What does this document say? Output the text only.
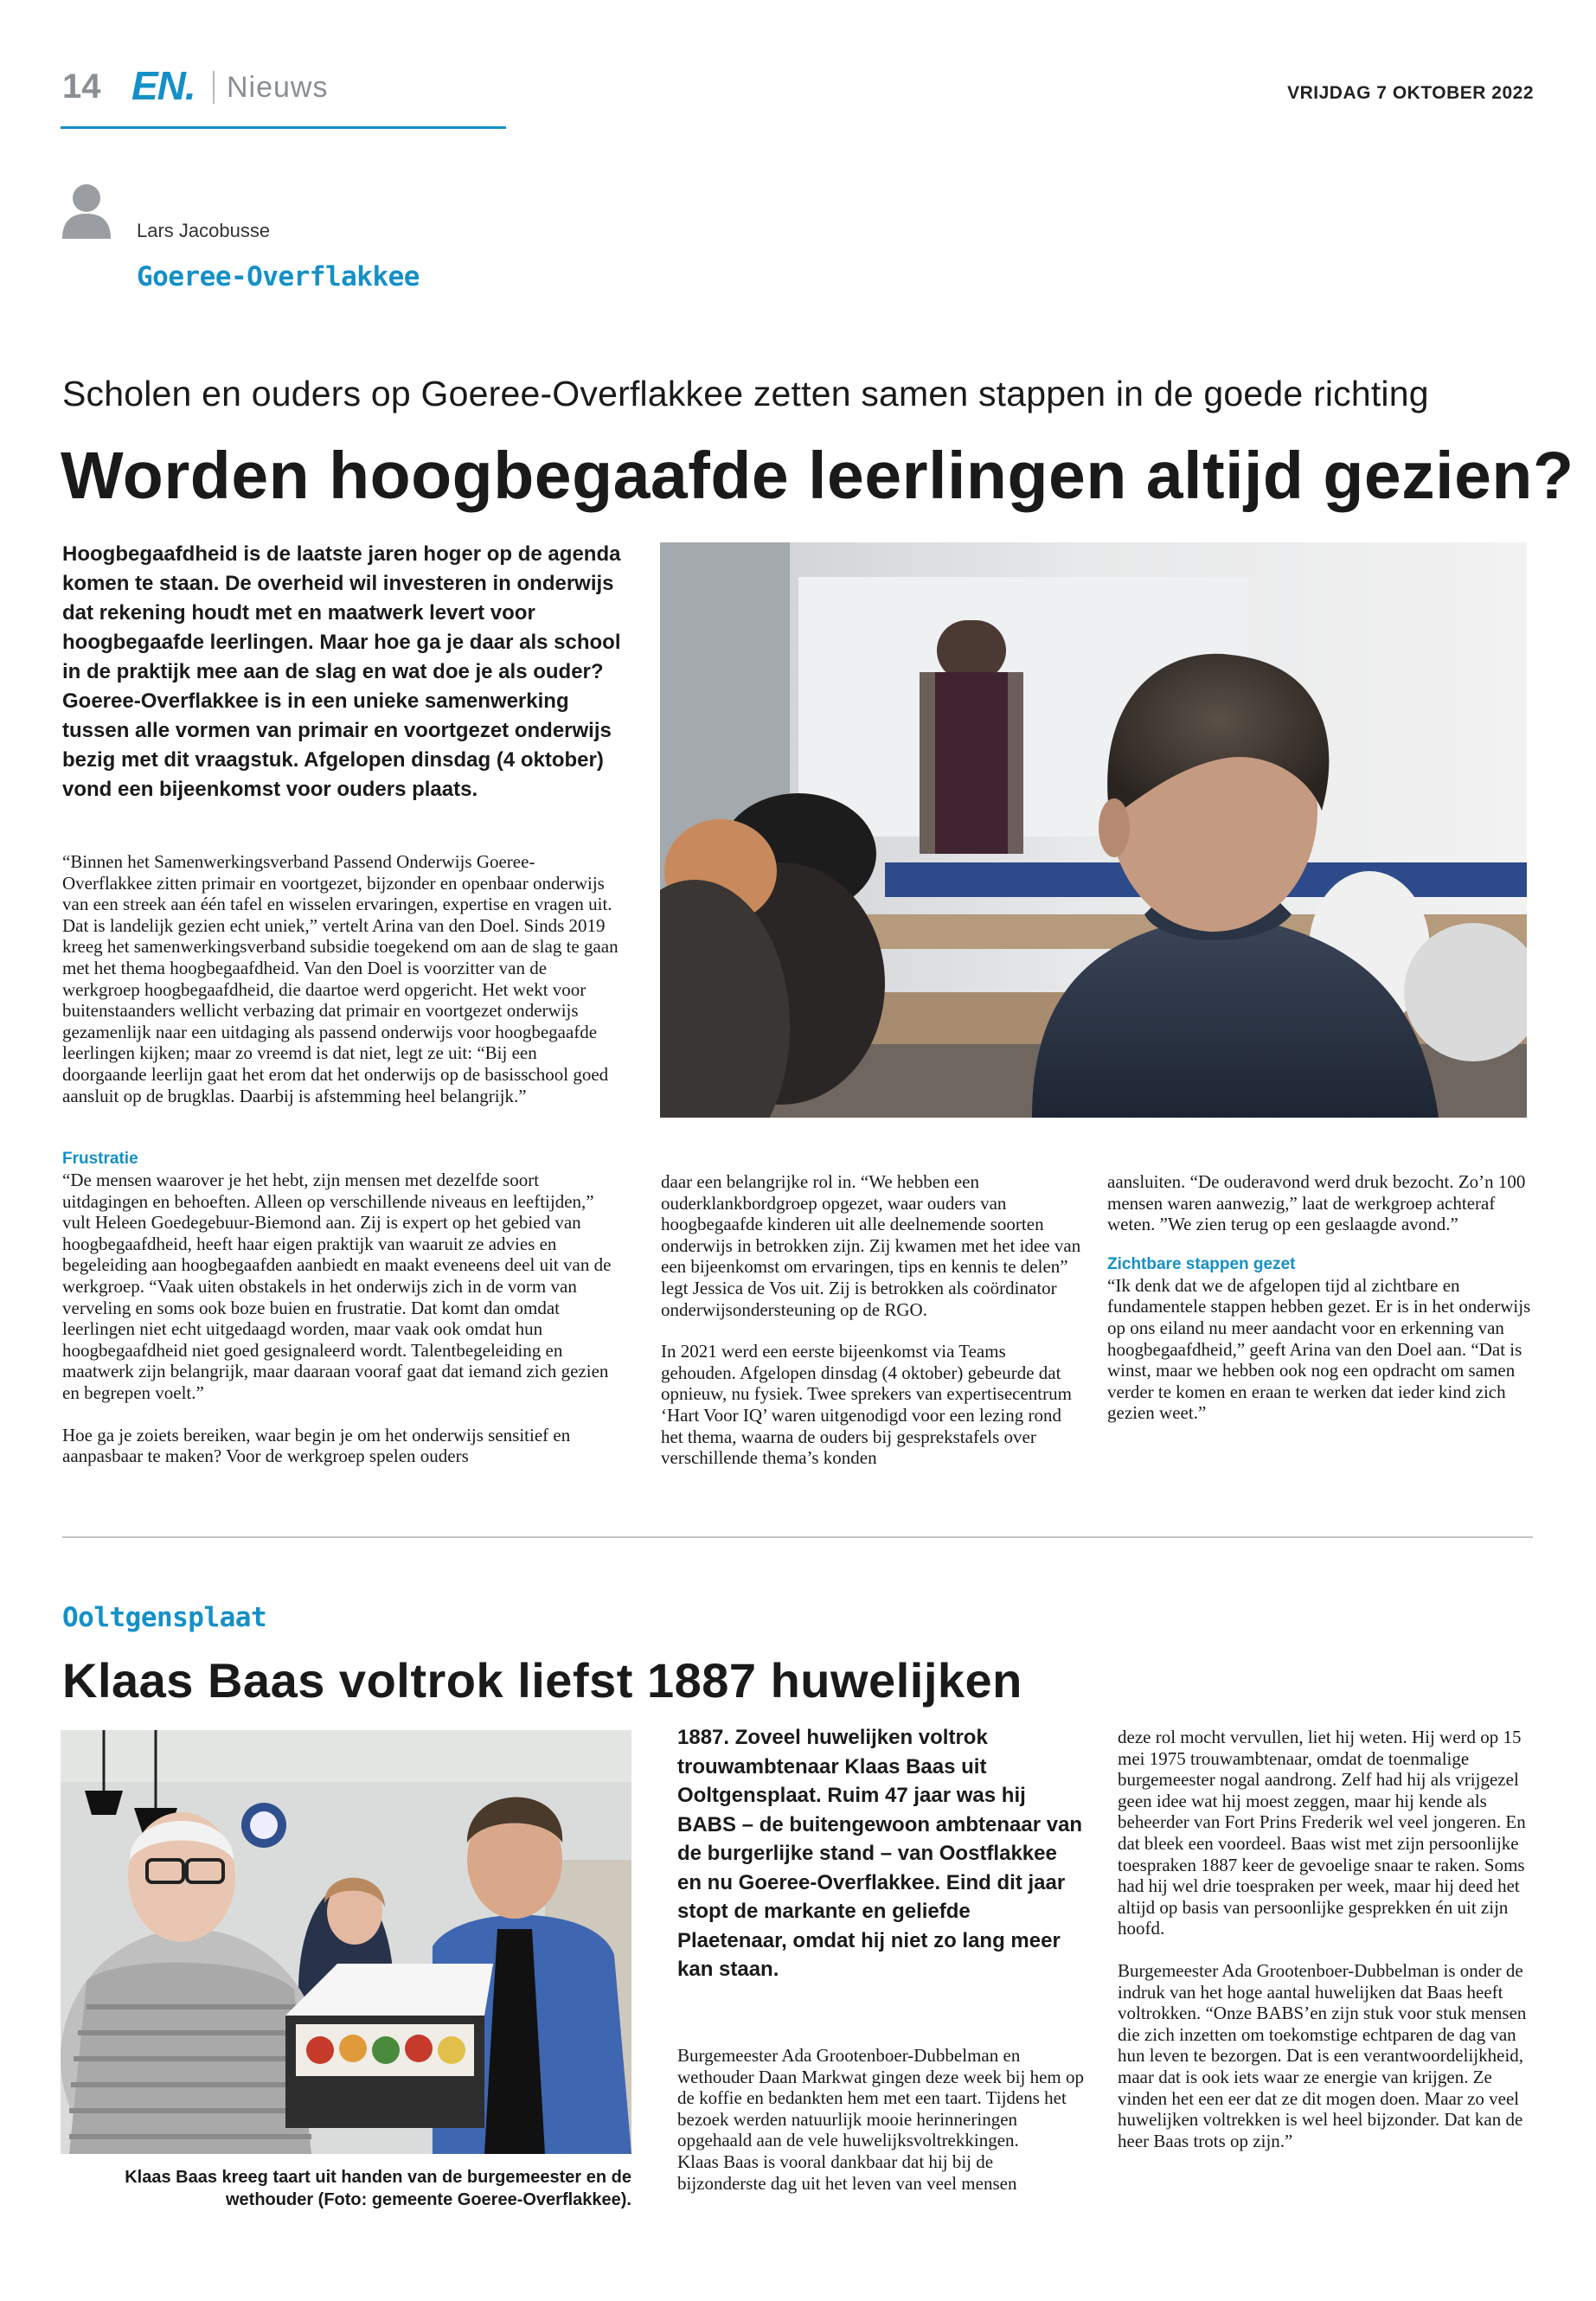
14 EN. Nieuws	VRIJDAG 7 OKTOBER 2022
Lars Jacobusse
Goeree-Overflakkee
Scholen en ouders op Goeree-Overflakkee zetten samen stappen in de goede richting
Worden hoogbegaafde leerlingen altijd gezien?
Hoogbegaafdheid is de laatste jaren hoger op de agenda komen te staan. De overheid wil investeren in onderwijs dat rekening houdt met en maatwerk levert voor hoogbegaafde leerlingen. Maar hoe ga je daar als school in de praktijk mee aan de slag en wat doe je als ouder? Goeree-Overflakkee is in een unieke samenwerking tussen alle vormen van primair en voortgezet onderwijs bezig met dit vraagstuk. Afgelopen dinsdag (4 oktober) vond een bijeenkomst voor ouders plaats.

“Binnen het Samenwerkingsverband Passend Onderwijs Goeree-Overflakkee zitten primair en voortgezet, bijzonder en openbaar onderwijs van een streek aan één tafel en wisselen ervaringen, expertise en vragen uit. Dat is landelijk gezien echt uniek,” vertelt Arina van den Doel. Sinds 2019 kreeg het samenwerkingsverband subsidie toegekend om aan de slag te gaan met het thema hoogbegaafdheid. Van den Doel is voorzitter van de werkgroep hoogbegaafdheid, die daartoe werd opgericht. Het wekt voor buitenstaanders wellicht verbazing dat primair en voortgezet onderwijs gezamenlijk naar een uitdaging als passend onderwijs voor hoogbegaafde leerlingen kijken; maar zo vreemd is dat niet, legt ze uit: “Bij een doorgaande leerlijn gaat het erom dat het onderwijs op de basisschool goed aansluit op de brugklas. Daarbij is afstemming heel belangrijk.”

Frustratie

“De mensen waarover je het hebt, zijn mensen met dezelfde soort uitdagingen en behoeften. Alleen op verschillende niveaus en leeftijden,” vult Heleen Goedegebuur-Biemond aan. Zij is expert op het gebied van hoogbegaafdheid, heeft haar eigen praktijk van waaruit ze advies en begeleiding aan hoogbegaafden aanbiedt en maakt eveneens deel uit van de werkgroep. “Vaak uiten obstakels in het onderwijs zich in de vorm van verveling en soms ook boze buien en frustratie. Dat komt dan omdat leerlingen niet echt uitgedaagd worden, maar vaak ook omdat hun hoogbegaafdheid niet goed gesignaleerd wordt. Talentbegeleiding en maatwerk zijn belangrijk, maar daaraan vooraf gaat dat iemand zich gezien en begrepen voelt.”

Hoe ga je zoiets bereiken, waar begin je om het onderwijs sensitief en aanpasbaar te maken? Voor de werkgroep spelen ouders

daar een belangrijke rol in. “We hebben een ouderklankbordgroep opgezet, waar ouders van hoogbegaafde kinderen uit alle deelnemende soorten onderwijs in betrokken zijn. Zij kwamen met het idee van een bijeenkomst om ervaringen, tips en kennis te delen” legt Jessica de Vos uit. Zij is betrokken als coördinator onderwijsondersteuning op de RGO.

In 2021 werd een eerste bijeenkomst via Teams gehouden. Afgelopen dinsdag (4 oktober) gebeurde dat opnieuw, nu fysiek. Twee sprekers van expertisecentrum ‘Hart Voor IQ’ waren uitgenodigd voor een lezing rond het thema, waarna de ouders bij gesprekstafels over verschillende thema’s konden

aansluiten. “De ouderavond werd druk bezocht. Zo’n 100 mensen waren aanwezig,” laat de werkgroep achteraf weten. ”We zien terug op een geslaagde avond.”

Zichtbare stappen gezet

“Ik denk dat we de afgelopen tijd al zichtbare en fundamentele stappen hebben gezet. Er is in het onderwijs op ons eiland nu meer aandacht voor en erkenning van hoogbegaafdheid,” geeft Arina van den Doel aan. “Dat is winst, maar we hebben ook nog een opdracht om samen verder te komen en eraan te werken dat ieder kind zich gezien weet.”

Ooltgensplaat
Klaas Baas voltrok liefst 1887 huwelijken
Klaas Baas kreeg taart uit handen van de burgemeester en de wethouder (Foto: gemeente Goeree-Overflakkee).
1887. Zoveel huwelijken voltrok trouwambtenaar Klaas Baas uit Ooltgensplaat. Ruim 47 jaar was hij BABS – de buitengewoon ambtenaar van de burgerlijke stand – van Oostflakkee en nu Goeree-Overflakkee. Eind dit jaar stopt de markante en geliefde Plaetenaar, omdat hij niet zo lang meer kan staan.

Burgemeester Ada Grootenboer-Dubbelman en wethouder Daan Markwat gingen deze week bij hem op de koffie en bedankten hem met een taart. Tijdens het bezoek werden natuurlijk mooie herinneringen opgehaald aan de vele huwelijksvoltrekkingen.

Klaas Baas is vooral dankbaar dat hij bij de bijzonderste dag uit het leven van veel mensen

deze rol mocht vervullen, liet hij weten. Hij werd op 15 mei 1975 trouwambtenaar, omdat de toenmalige burgemeester nogal aandrong. Zelf had hij als vrijgezel geen idee wat hij moest zeggen, maar hij kende als beheerder van Fort Prins Frederik wel veel jongeren. En dat bleek een voordeel. Baas wist met zijn persoonlijke toespraken 1887 keer de gevoelige snaar te raken. Soms had hij wel drie toespraken per week, maar hij deed het altijd op basis van persoonlijke gesprekken én uit zijn hoofd.

Burgemeester Ada Grootenboer-Dubbelman is onder de indruk van het hoge aantal huwelijken dat Baas heeft voltrokken. “Onze BABS’en zijn stuk voor stuk mensen die zich inzetten om toekomstige echtparen de dag van hun leven te bezorgen. Dat is een verantwoordelijkheid, maar dat is ook iets waar ze energie van krijgen. Ze vinden het een eer dat ze dit mogen doen. Maar zo veel huwelijken voltrekken is wel heel bijzonder. Dat kan de heer Baas trots op zijn.”
